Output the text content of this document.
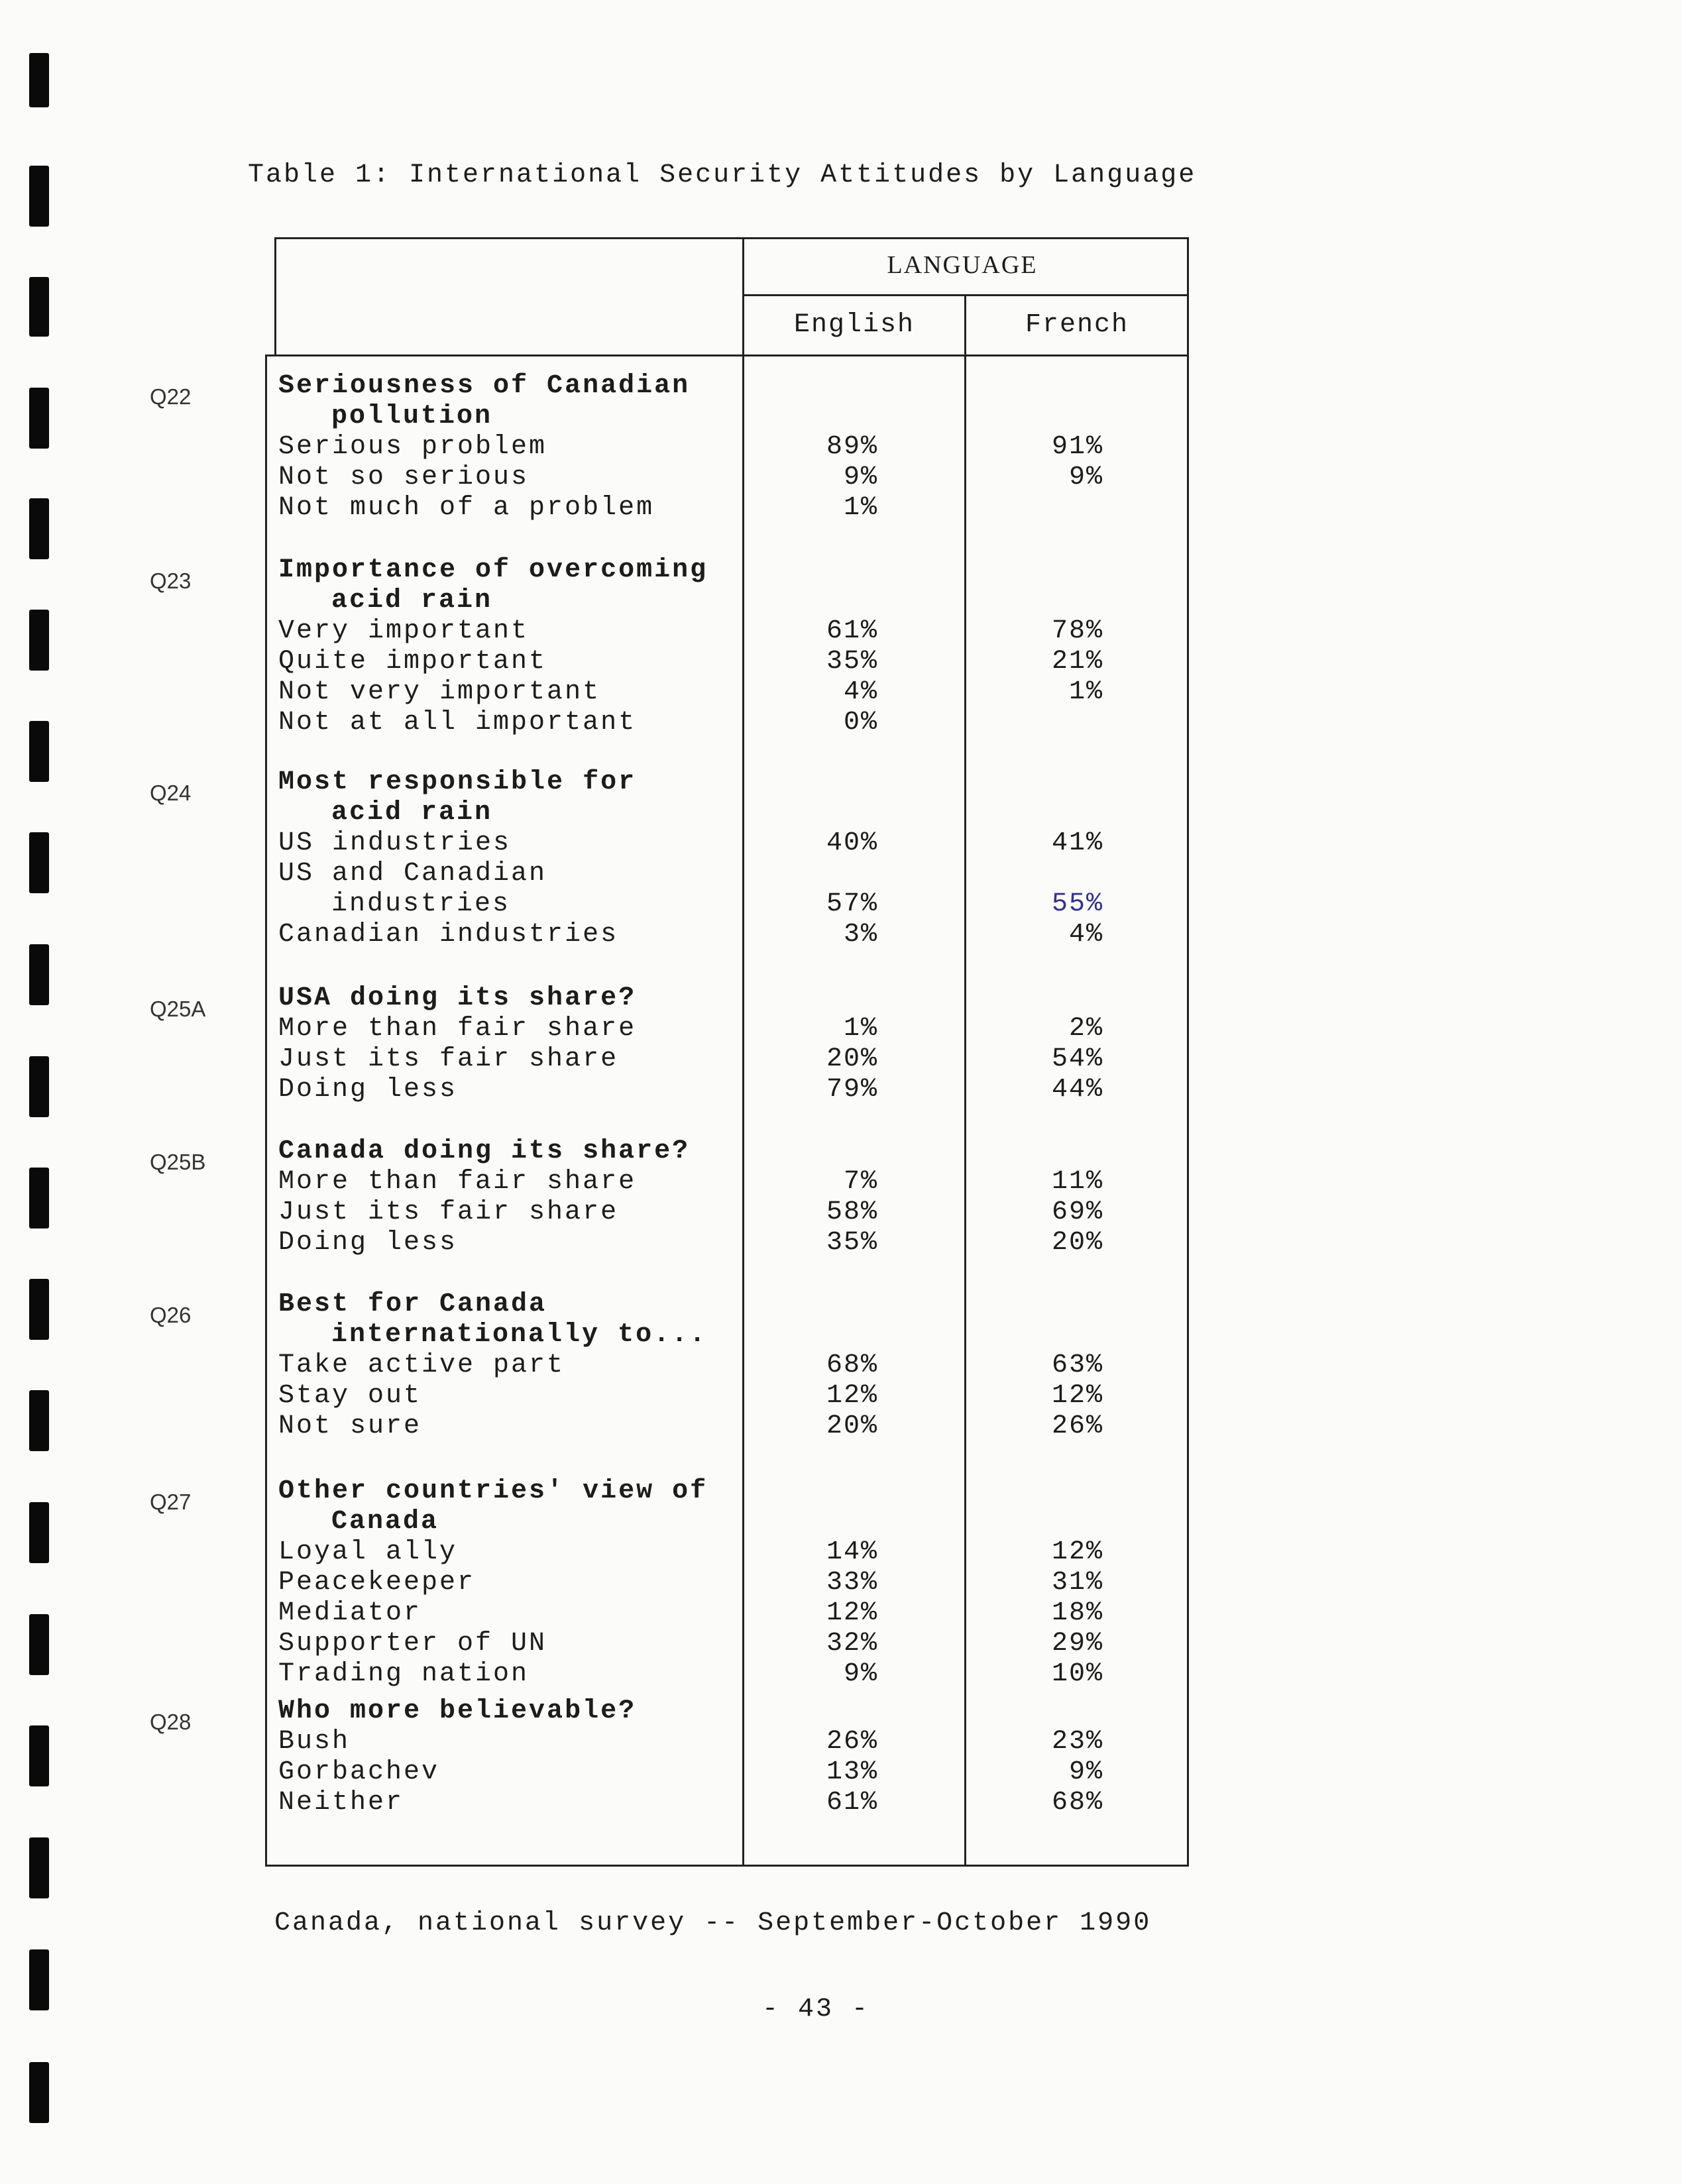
Table 1: International Security Attitudes by Language
LANGUAGE
English	French
Q22	Seriousness of Canadian
pollution
Serious problem	89%	91%
Not so serious	9%	9%
Not much of a problem	1%
Q23	Importance of overcoming
acid rain
Very important	61%	78%
Quite important	35%	21%
Not very important	4%	1%
Not at all important	0%
Q24	Most responsible for
acid rain
US industries	40%	41%
US and Canadian
industries	57%	55%
Canadian industries	3%	4%
Q25A	USA doing its share?
More than fair share	1%	2%
Just its fair share	20%	54%
Doing less	79%	44%
Q25B	Canada doing its share?
More than fair share	7%	11%
Just its fair share	58%	69%
Doing less	35%	20%
Q26	Best for Canada
internationally to...
Take active part	68%	63%
Stay out	12%	12%
Not sure	20%	26%
Q27	Other countries' view of
Canada
Loyal ally	14%	12%
Peacekeeper	33%	31%
Mediator	12%	18%
Supporter of UN	32%	29%
Trading nation	9%	10%
Q28	Who more believable?
Bush	26%	23%
Gorbachev	13%	9%
Neither	61%	68%
Canada, national survey -- September-October 1990
- 43 -
